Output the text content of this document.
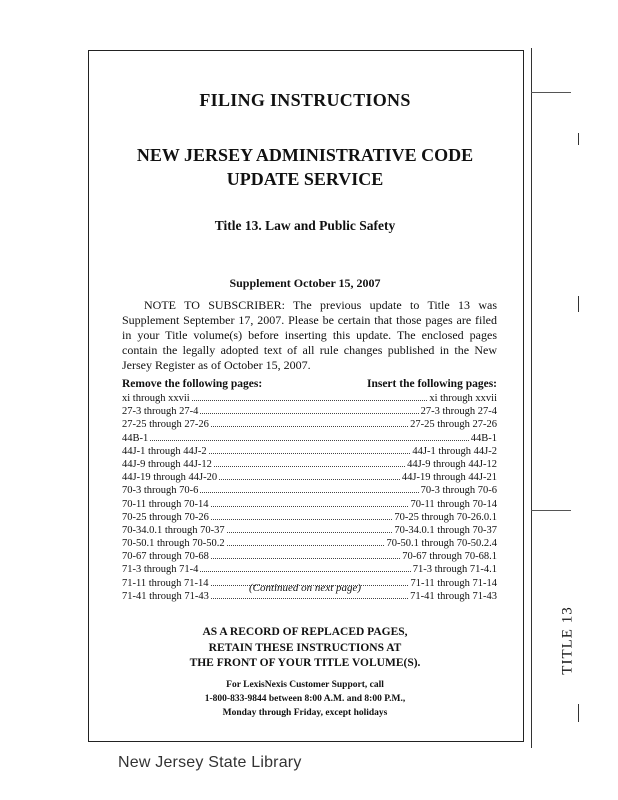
FILING INSTRUCTIONS
NEW JERSEY ADMINISTRATIVE CODE
UPDATE SERVICE
Title 13. Law and Public Safety
Supplement October 15, 2007

NOTE TO SUBSCRIBER: The previous update to Title 13 was Supplement September 17, 2007. Please be certain that those pages are filed in your Title volume(s) before inserting this update. The enclosed pages contain the legally adopted text of all rule changes published in the New Jersey Register as of October 15, 2007.

Remove the following pages:	Insert the following pages:
xi through xxvii	xi through xxvii
27-3 through 27-4	27-3 through 27-4
27-25 through 27-26	27-25 through 27-26
44B-1	44B-1
44J-1 through 44J-2	44J-1 through 44J-2
44J-9 through 44J-12	44J-9 through 44J-12
44J-19 through 44J-20	44J-19 through 44J-21
70-3 through 70-6	70-3 through 70-6
70-11 through 70-14	70-11 through 70-14
70-25 through 70-26	70-25 through 70-26.0.1
70-34.0.1 through 70-37	70-34.0.1 through 70-37
70-50.1 through 70-50.2	70-50.1 through 70-50.2.4
70-67 through 70-68	70-67 through 70-68.1
71-3 through 71-4	71-3 through 71-4.1
71-11 through 71-14	71-11 through 71-14
71-41 through 71-43	71-41 through 71-43
(Continued on next page)
AS A RECORD OF REPLACED PAGES,
RETAIN THESE INSTRUCTIONS AT
THE FRONT OF YOUR TITLE VOLUME(S).
For LexisNexis Customer Support, call
1-800-833-9844 between 8:00 A.M. and 8:00 P.M.,
Monday through Friday, except holidays
TITLE 13
New Jersey State Library
